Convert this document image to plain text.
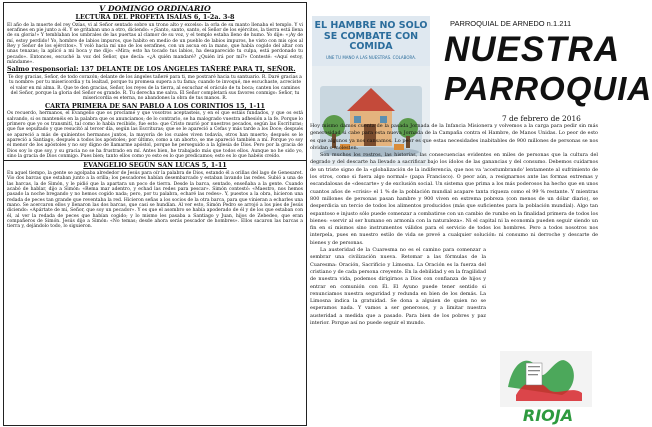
V DOMINGO ORDINARIO
LECTURA DEL PROFETA ISAÍAS 6, 1-2a. 3-8
El año de la muerte del rey Ozías, vi al Señor sentado sobre un trono alto y excelso: la orla de su manto llenaba el templo. Y vi serafines en pie junto a él. Y se gritaban uno a otro, diciendo: «¡Santo, santo, santo, el Señor de los ejércitos, la tierra está llena de su gloria!» Y temblaban los umbrales de las puertas al clamor de su voz, y el templo estaba lleno de humo. Yo dije: «¡Ay de mí, estoy perdido! Yo, hombre de labios impuros, que habito en medio de un pueblo de labios impuros, he visto con mis ojos al Rey y Señor de los ejércitos». Y voló hacia mí uno de los serafines, con un ascua en la mano, que había cogido del altar con unas tenazas; la aplicó a mi boca y me dijo: «Mira; esto ha tocado tus labios, ha desaparecido tu culpa, está perdonado tu pecado». Entonces, escuché la voz del Señor, que decía: «¿A quién mandaré? ¿Quién irá por mí?» Contesté: «Aquí estoy, mándame».
Salmo responsorial: 137 DELANTE DE LOS ÁNGELES TAÑERÉ PARA TI, SEÑOR.
Te doy gracias, Señor, de todo corazón; delante de los ángeles tañeré para ti, me postraré hacia tu santuario. R. Daré gracias a tu nombre: por tu misericordia y tu lealtad, porque tu promesa supera a tu fama; cuando te invoqué, me escuchaste, acreciste el valor en mi alma. R. Que te den gracias, Señor, los reyes de la tierra, al escuchar el oráculo de tu boca; canten los caminos del Señor, porque la gloria del Señor es grande. R. Tu derecha me salva. El Señor completará sus favores conmigo: Señor, tu misericordia es eterna, no abandones la obra de tus manos. R.
CARTA PRIMERA DE SAN PABLO A LOS CORINTIOS 15, 1-11
Os recuerdo, hermanos, el Evangelio que os proclamé y que vosotros aceptasteis, y en el que estáis fundados, y que os está salvando, si os mantenéis en la palabra que os anunciamos; de lo contrario, se ha malogrado vuestra adhesión a la fe. Porque lo primero que yo os transmití, tal como lo había recibido, fue esto: que Cristo murió por nuestros pecados, según las Escrituras; que fue sepultado y que resucitó al tercer día, según las Escrituras; que se le apareció a Cefas y más tarde a los Doce; después se apareció a más de quinientos hermanos juntos, la mayoría de los cuales viven todavía, otros han muerto; después se le apareció a Santiago, después a todos los apóstoles; por último, como a un aborto, se me apareció también a mí. Porque yo soy el menor de los apóstoles y no soy digno de llamarme apóstol, porque he perseguido a la Iglesia de Dios. Pero por la gracia de Dios soy lo que soy, y su gracia no se ha frustrado en mí. Antes bien, he trabajado más que todos ellos. Aunque no he sido yo, sino la gracia de Dios conmigo. Pues bien; tanto ellos como yo esto es lo que predicamos; esto es lo que habéis creído.
EVANGELIO SEGÚN SAN LUCAS 5, 1-11
En aquel tiempo, la gente se agolpaba alrededor de Jesús para oír la palabra de Dios, estando él a orillas del lago de Genesaret. Vio dos barcas que estaban junto a la orilla; los pescadores habían desembarcado y estaban lavando las redes. Subió a una de las barcas, la de Simón, y le pidió que la apartara un poco de tierra. Desde la barca, sentado, enseñaba a la gente. Cuando acabó de hablar, dijo a Simón: «Rema mar adentro, y echad las redes para pescar». Simón contestó: «Maestro, nos hemos pasado la noche bregando y no hemos cogido nada; pero, por tu palabra, echaré las redes». Y, puestos a la obra, hicieron una redada de peces tan grande que reventaba la red. Hicieron señas a los socios de la otra barca, para que vinieran a echarles una mano. Se acercaron ellos y llenaron las dos barcas, que casi se hundían. Al ver esto, Simón Pedro se arrojó a los pies de Jesús diciendo: «Apártate de mí, Señor, que soy un pecador». Y es que el asombro se había apoderado de él y de los que estaban con él, al ver la redada de peces que habían cogido; y lo mismo les pasaba a Santiago y Juan, hijos de Zebedeo, que eran compañeros de Simón. Jesús dijo a Simón: «No temas; desde ahora serás pescador de hombres». Ellos sacaron las barcas a tierra y, dejándolo todo, lo siguieron.
EL HAMBRE NO SOLO SE COMBATE CON COMIDA
UNE TU MANO A LAS NUESTRAS. COLABORA.
PARROQUIAL DE ARNEDO n.1.211
NUESTRA
PARROQUIA
7 de febrero de 2016

Hoy mismo damos cuenta de la pasada Jornada de la Infancia Misionera y volvemos a la carga para pedir sin más generosidad si cabe para esta nueva Jornada de la Campaña contra el Hambre, de Manos Unidas. Lo peor de esto es que algunos ya nos cansamos. Lo peor es que estas necesidades inabitables de 900 millones de personas se nos olvidan o molesten.

Son muchos los rostros, las historias, las consecuencias evidentes en miles de personas que la cultura del degrado y del descarte ha llevado a sacrificar bajo los ídolos de las ganancias y del consumo. Debemos cuidarnos de un triste signo de la «globalización de la indiferencia, que nos va 'acostumbrando' lentamente al sufrimiento de los otros, como si fuera algo normal» (papa Francisco). O peor aún, a resignarnos ante las formas extremas y escandalosas de «descarte» y de exclusión social. Un sistema que prima a los más poderosos ha hecho que en unos cuantos años de «crisis» el 1 % de la población mundial acapare tanta riqueza como el 99 % restante. Y mientras 800 millones de personas pasan hambre y 900 viven en extrema pobreza (con menos de un dólar diario), se desperdicia un tercio de todos los alimentos producidos (más que suficientes para la población mundial). Algo tan espantoso e injusto sólo puede comenzar a combatirse con un cambio de rumbo en la finalidad primera de todos los bienes: «servir al ser humano en armonía con la naturaleza». Ni el capital ni la economía pueden seguir siendo un fin en sí mismos sino instrumentos válidos para el servicio de todos los hombres. Pero a todos nosotros nos interpela, pues en nuestro estilo de vida se prevé a cualquier solución: ni consumo ni derroche y descarte de bienes y de personas.

La austeridad de la Cuaresma no es el camino para comenzar a sembrar una civilización nueva. Retomar a las fórmulas de la Cuaresma: Oración, Sacrificio y Limosna. La Oración es la fuerza del cristiano y de cada persona creyente. En la debilidad y en la fragilidad de nuestra vida, podemos dirigirnos a Dios con confianza de hijos y entrar en comunión con Él. El Ayuno puede tener sentido si renunciamos nuestra seguridad y redunda en bien de los demás. La Limosna indica la gratuidad. Se dona a alguien de quien no se esperamos nada. Y vamos a ser generosos, y a limitar nuestra austeridad a medida que a pasado. Para bien de los pobres y paz interior. Porque así no puede seguir el mundo.

RIOJA
